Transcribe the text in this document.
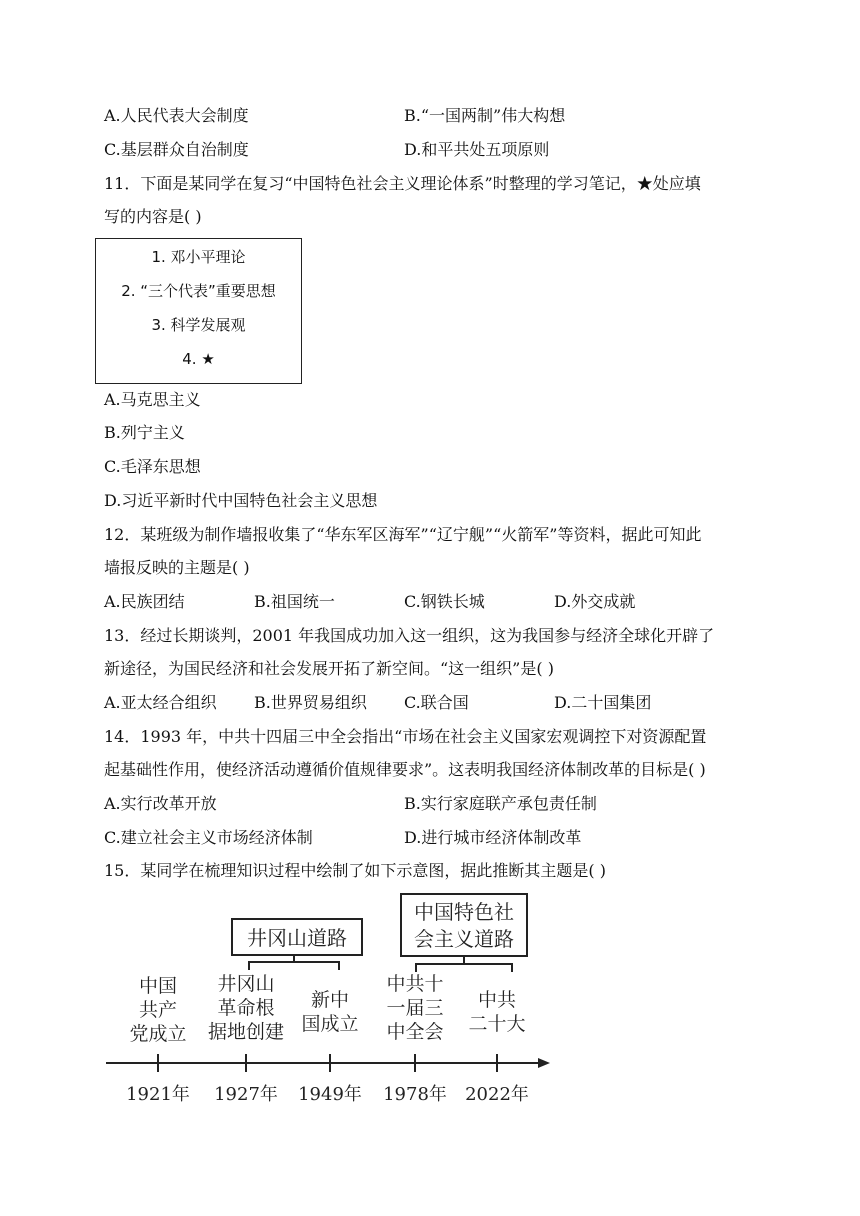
A.人民代表大会制度	B.“一国两制”伟大构想
C.基层群众自治制度	D.和平共处五项原则
11．下面是某同学在复习“中国特色社会主义理论体系”时整理的学习笔记，★处应填
写的内容是( )
1. 邓小平理论
2. “三个代表”重要思想
3. 科学发展观
4. ★
A.马克思主义
B.列宁主义
C.毛泽东思想
D.习近平新时代中国特色社会主义思想
12．某班级为制作墙报收集了“华东军区海军”“辽宁舰”“火箭军”等资料，据此可知此
墙报反映的主题是( )
A.民族团结	B.祖国统一	C.钢铁长城	D.外交成就
13．经过长期谈判，2001 年我国成功加入这一组织，这为我国参与经济全球化开辟了
新途径，为国民经济和社会发展开拓了新空间。“这一组织”是( )
A.亚太经合组织 B.世界贸易组织 C.联合国	D.二十国集团
14．1993 年，中共十四届三中全会指出“市场在社会主义国家宏观调控下对资源配置
起基础性作用，使经济活动遵循价值规律要求”。这表明我国经济体制改革的目标是( )
A.实行改革开放	B.实行家庭联产承包责任制
C.建立社会主义市场经济体制	D.进行城市经济体制改革
15．某同学在梳理知识过程中绘制了如下示意图，据此推断其主题是( )
井冈山道路
中国特色社
会主义道路
中国
共产
党成立
井冈山
革命根
据地创建
新中
国成立
中共十
一届三
中全会
中共
二十大
1921年 1927年 1949年 1978年 2022年
